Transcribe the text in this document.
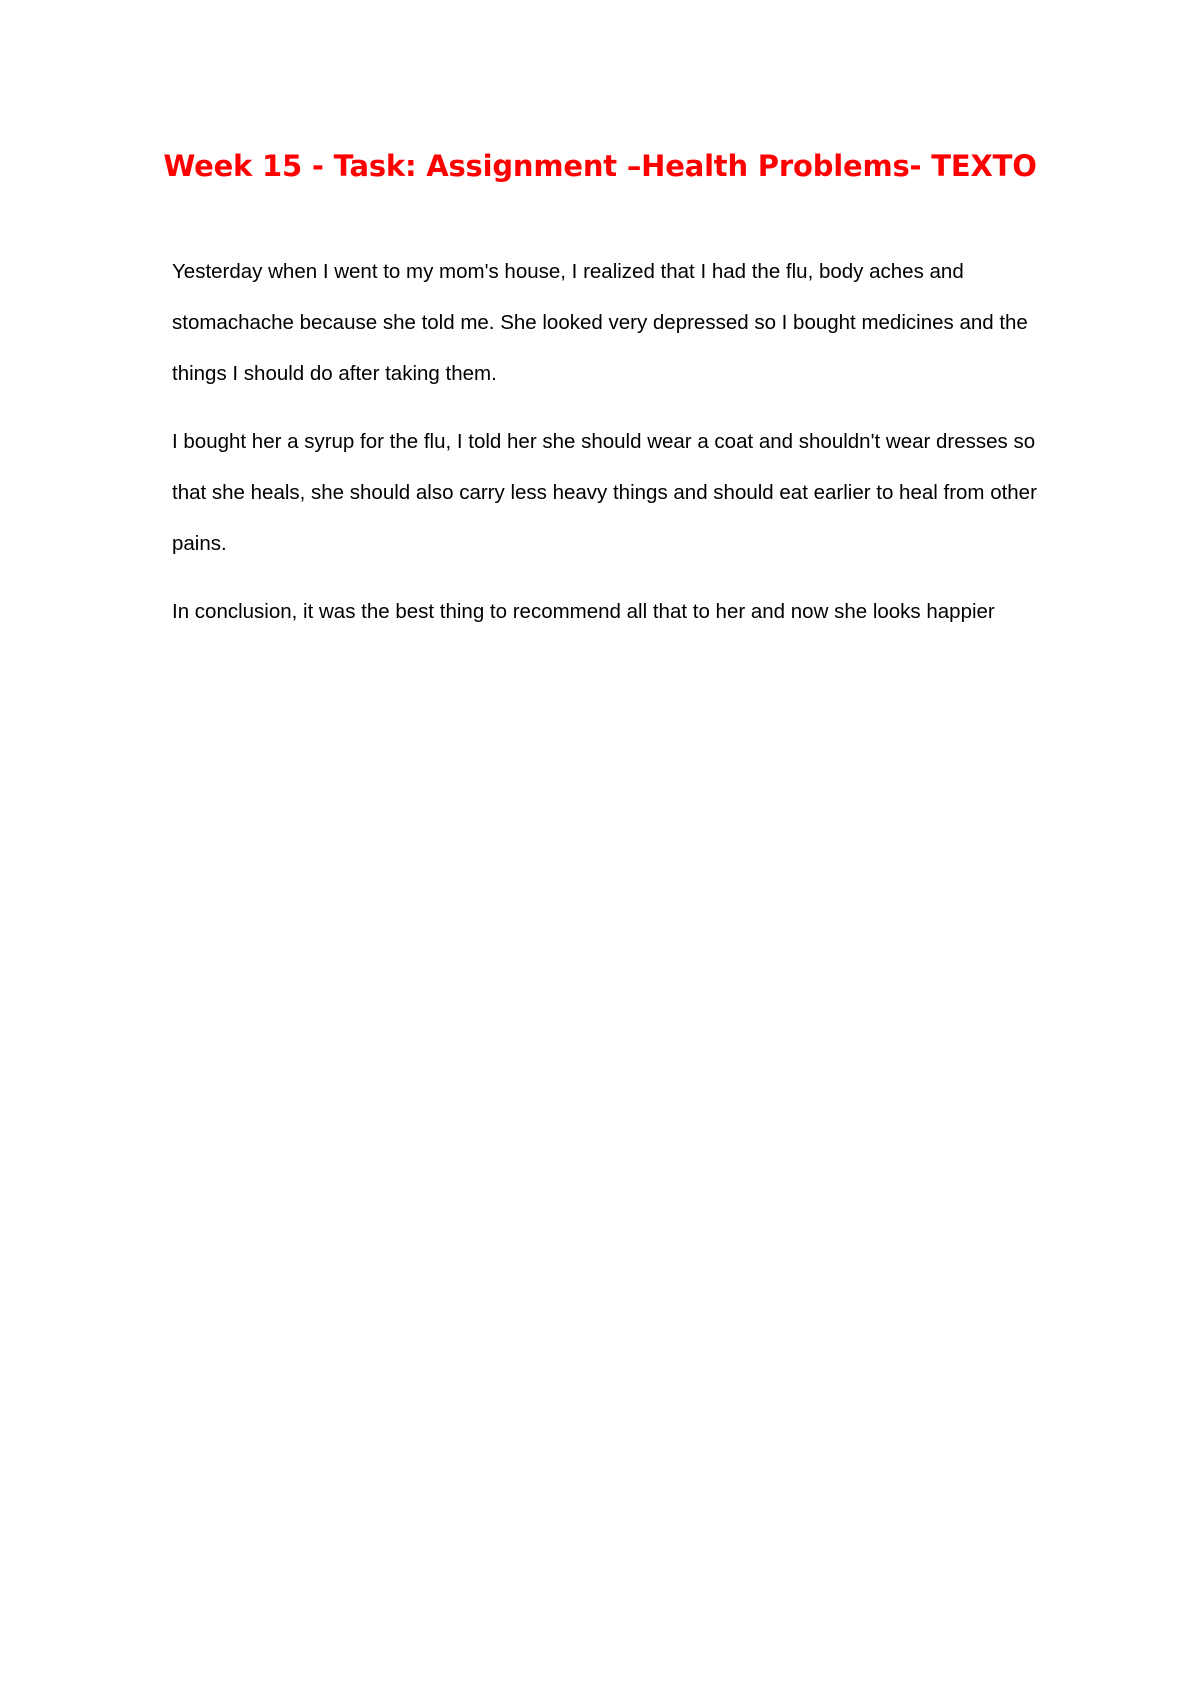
Week 15 - Task: Assignment –Health Problems- TEXTO

Yesterday when I went to my mom's house, I realized that I had the flu, body aches and stomachache because she told me. She looked very depressed so I bought medicines and the things I should do after taking them.

I bought her a syrup for the flu, I told her she should wear a coat and shouldn't wear dresses so that she heals, she should also carry less heavy things and should eat earlier to heal from other pains.

In conclusion, it was the best thing to recommend all that to her and now she looks happier
